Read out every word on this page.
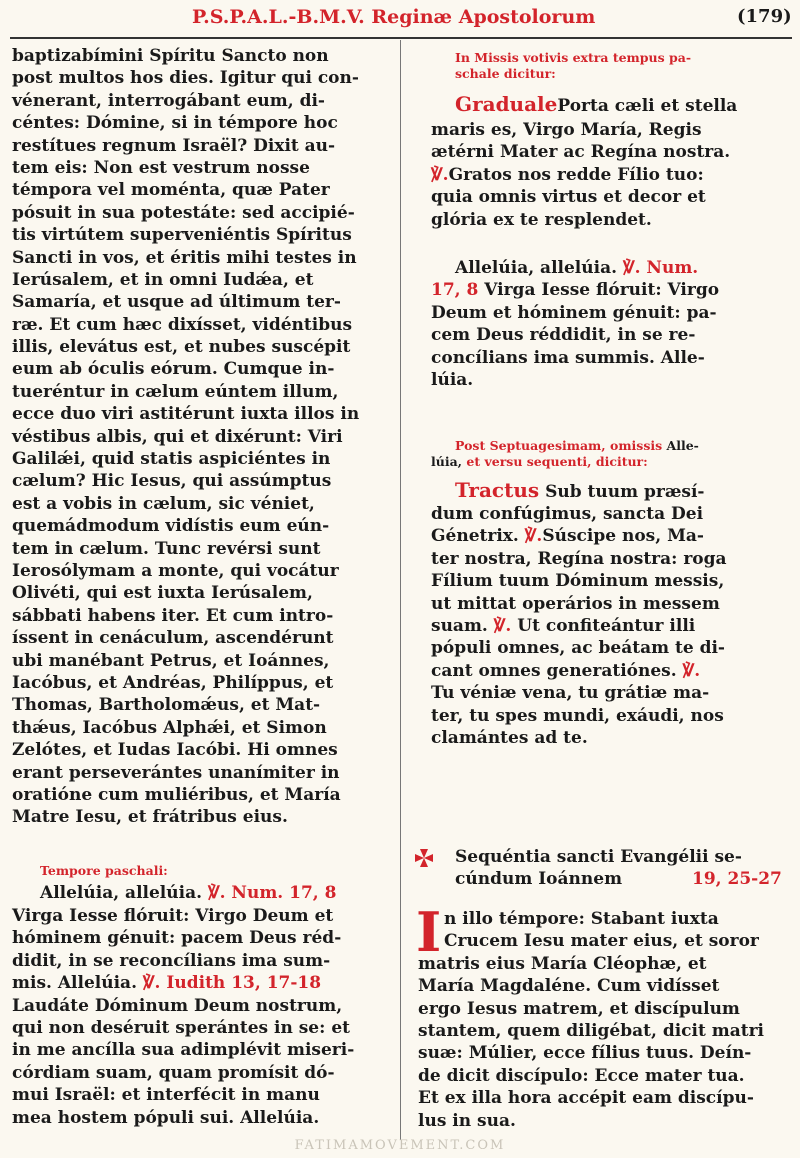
P.S.P.A.L.-B.M.V. Reginæ Apostolorum	(179)
baptizabímini Spíritu Sancto non
post multos hos dies. Igitur qui con-
vénerant, interrogábant eum, di-
céntes: Dómine, si in témpore hoc
restítues regnum Israël? Dixit au-
tem eis: Non est vestrum nosse
témpora vel moménta, quæ Pater
pósuit in sua potestáte: sed accipié-
tis virtútem superveniéntis Spíritus
Sancti in vos, et éritis mihi testes in
Ierúsalem, et in omni Iudǽa, et
Samaría, et usque ad últimum ter-
ræ. Et cum hæc dixísset, vidéntibus
illis, elevátus est, et nubes suscépit
eum ab óculis eórum. Cumque in-
tueréntur in cælum eúntem illum,
ecce duo viri astitérunt iuxta illos in
véstibus albis, qui et dixérunt: Viri
Galilǽi, quid statis aspiciéntes in
cælum? Hic Iesus, qui assúmptus
est a vobis in cælum, sic véniet,
quemádmodum vidístis eum eún-
tem in cælum. Tunc revérsi sunt
Ierosólymam a monte, qui vocátur
Olivéti, qui est iuxta Ierúsalem,
sábbati habens iter. Et cum intro-
íssent in cenáculum, ascendérunt
ubi manébant Petrus, et Ioánnes,
Iacóbus, et Andréas, Philíppus, et
Thomas, Bartholomǽus, et Mat-
thǽus, Iacóbus Alphǽi, et Simon
Zelótes, et Iudas Iacóbi. Hi omnes
erant perseverántes unanímiter in
oratióne cum muliéribus, et María
Matre Iesu, et frátribus eius.
Tempore paschali:
Allelúia, allelúia. ℣. Num. 17, 8
Virga Iesse flóruit: Virgo Deum et
hóminem génuit: pacem Deus réd-
didit, in se reconcílians ima sum-
mis. Allelúia. ℣. Iudith 13, 17-18
Laudáte Dóminum Deum nostrum,
qui non deséruit sperántes in se: et
in me ancílla sua adimplévit miseri-
córdiam suam, quam promísit dó-
mui Israël: et interfécit in manu
mea hostem pópuli sui. Allelúia.
In Missis votivis extra tempus pa-
schale dicitur:
GradualePorta cæli et stella
maris es, Virgo María, Regis
ætérni Mater ac Regína nostra.
℣.Gratos nos redde Fílio tuo:
quia omnis virtus et decor et
glória ex te resplendet.
Allelúia, allelúia. ℣. Num.
17, 8 Virga Iesse flóruit: Virgo
Deum et hóminem génuit: pa-
cem Deus réddidit, in se re-
concílians ima summis. Alle-
lúia.
Post Septuagesimam, omissis Alle-
lúia, et versu sequenti, dicitur:
Tractus Sub tuum præsí-
dum confúgimus, sancta Dei
Génetrix. ℣.Súscipe nos, Ma-
ter nostra, Regína nostra: roga
Fílium tuum Dóminum messis,
ut mittat operários in messem
suam. ℣. Ut confiteántur illi
pópuli omnes, ac beátam te di-
cant omnes generatiónes. ℣.
Tu véniæ vena, tu grátiæ ma-
ter, tu spes mundi, exáudi, nos
clamántes ad te.
Sequéntia sancti Evangélii se-
cúndum Ioánnem	19, 25-27
I n illo témpore: Stabant iuxta
Crucem Iesu mater eius, et soror
matris eius María Cléophæ, et
María Magdaléne. Cum vidísset
ergo Iesus matrem, et discípulum
stantem, quem diligébat, dicit matri
suæ: Múlier, ecce fílius tuus. Deín-
de dicit discípulo: Ecce mater tua.
Et ex illa hora accépit eam discípu-
lus in sua.
FATIMAMOVEMENT.COM
